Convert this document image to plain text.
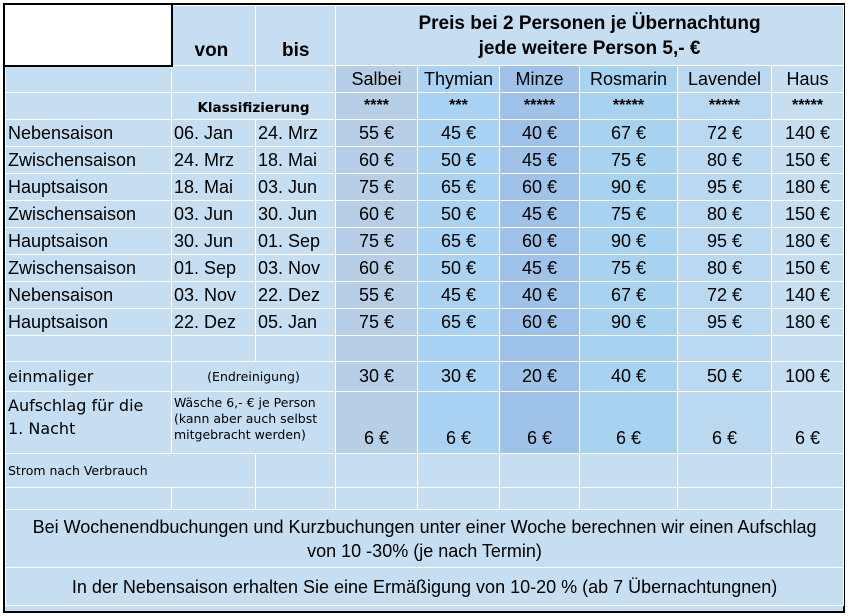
	von	bis	Preis bei 2 Personen je Übernachtung
jede weitere Person 5,- €					

			Salbei	Thymian	Minze	Rosmarin	Lavendel	Haus
	Klassifizierung		****	***	*****	*****	*****	*****
Nebensaison	06. Jan	24. Mrz	55 €	45 €	40 €	67 €	72 €	140 €
Zwischensaison	24. Mrz	18. Mai	60 €	50 €	45 €	75 €	80 €	150 €
Hauptsaison	18. Mai	03. Jun	75 €	65 €	60 €	90 €	95 €	180 €
Zwischensaison	03. Jun	30. Jun	60 €	50 €	45 €	75 €	80 €	150 €
Hauptsaison	30. Jun	01. Sep	75 €	65 €	60 €	90 €	95 €	180 €
Zwischensaison	01. Sep	03. Nov	60 €	50 €	45 €	75 €	80 €	150 €
Nebensaison	03. Nov	22. Dez	55 €	45 €	40 €	67 €	72 €	140 €
Hauptsaison	22. Dez	05. Jan	75 €	65 €	60 €	90 €	95 €	180 €

einmaliger	(Endreinigung)		30 €	30 €	20 €	40 €	50 €	100 €

Aufschlag für die
1. Nacht	Wäsche 6,- € je Person (kann aber auch selbst mitgebracht werden)		6 €	6 €	6 €	6 €	6 €	6 €
Strom nach Verbrauch								

Bei Wochenendbuchungen und Kurzbuchungen unter einer Woche berechnen wir einen Aufschlag von 10 -30% (je nach Termin)								
In der Nebensaison erhalten Sie eine Ermäßigung von 10-20 % (ab 7 Übernachtungnen)								
